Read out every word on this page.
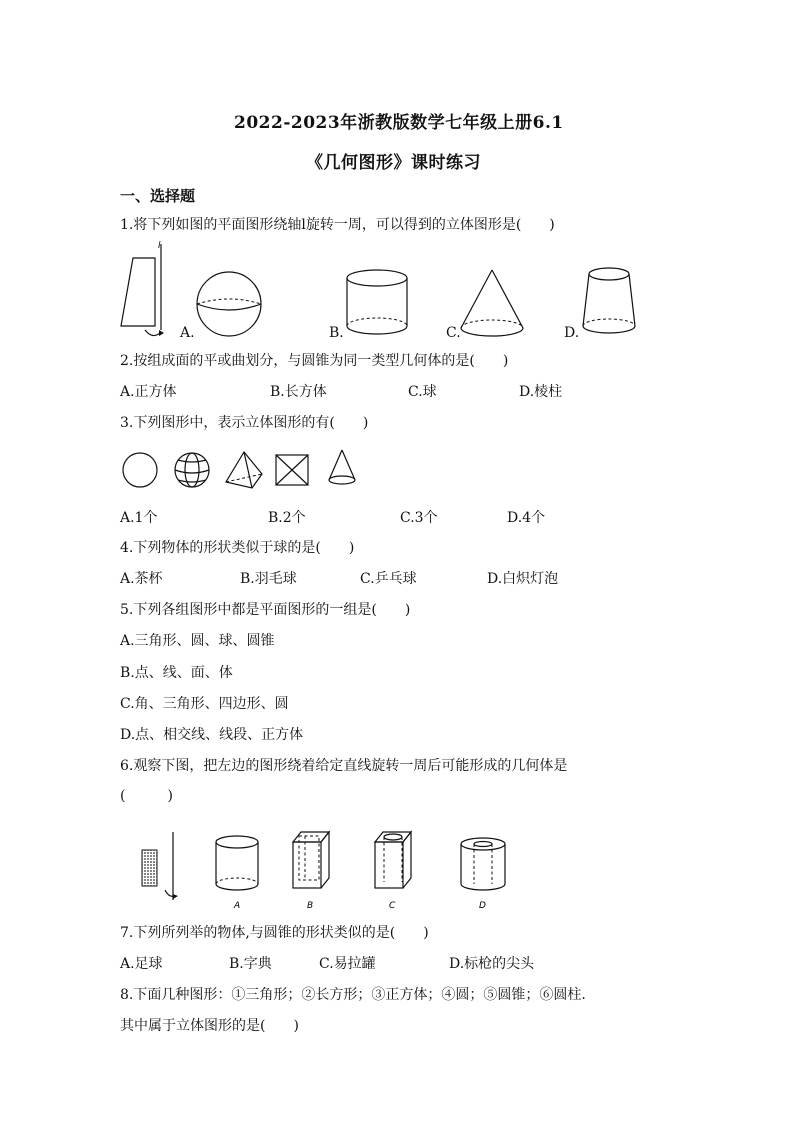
2022-2023年浙教版数学七年级上册6.1
《几何图形》课时练习
一、选择题
1.将下列如图的平面图形绕轴l旋转一周，可以得到的立体图形是(　　)
l
A.	B.	C.	D.
2.按组成面的平或曲划分，与圆锥为同一类型几何体的是(　　)
A.正方体	B.长方体	C.球	D.棱柱
3.下列图形中，表示立体图形的有(　　)
A.1个	B.2个	C.3个	D.4个
4.下列物体的形状类似于球的是(　　)
A.茶杯	B.羽毛球	C.乒乓球	D.白炽灯泡
5.下列各组图形中都是平面图形的一组是(　　)
A.三角形、圆、球、圆锥
B.点、线、面、体
C.角、三角形、四边形、圆
D.点、相交线、线段、正方体
6.观察下图，把左边的图形绕着给定直线旋转一周后可能形成的几何体是
(　　　)
A	B	C	D
7.下列所列举的物体,与圆锥的形状类似的是(　　)
A.足球	B.字典	C.易拉罐	D.标枪的尖头
8.下面几种图形：①三角形；②长方形；③正方体；④圆；⑤圆锥；⑥圆柱.
其中属于立体图形的是(　　)
